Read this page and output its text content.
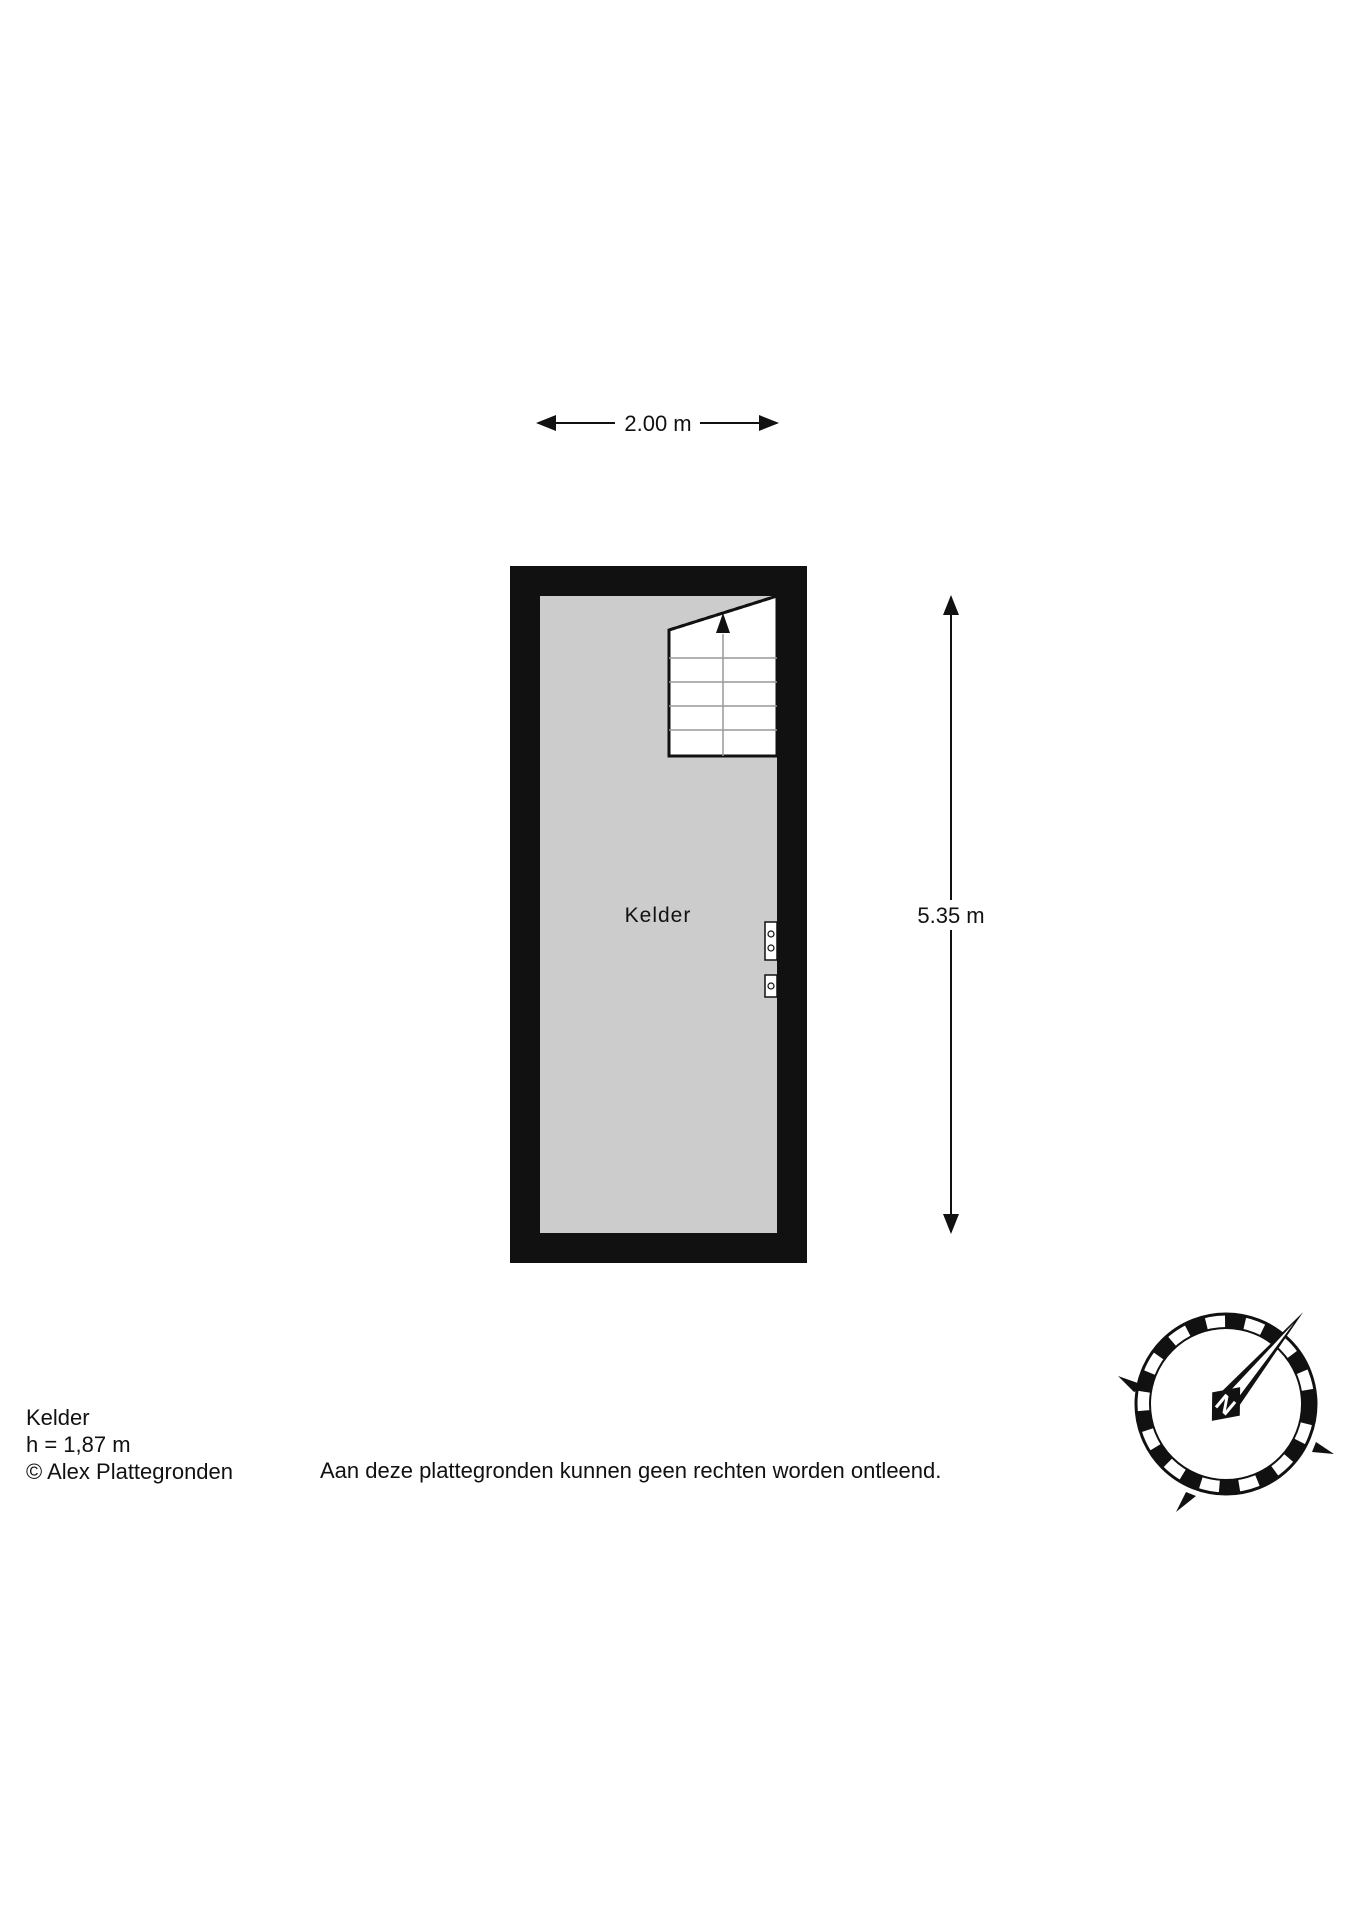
2.00 m
Kelder	5.35 m
N
Kelder
h = 1,87 m
© Alex Plattegronden	Aan deze plattegronden kunnen geen rechten worden ontleend.
